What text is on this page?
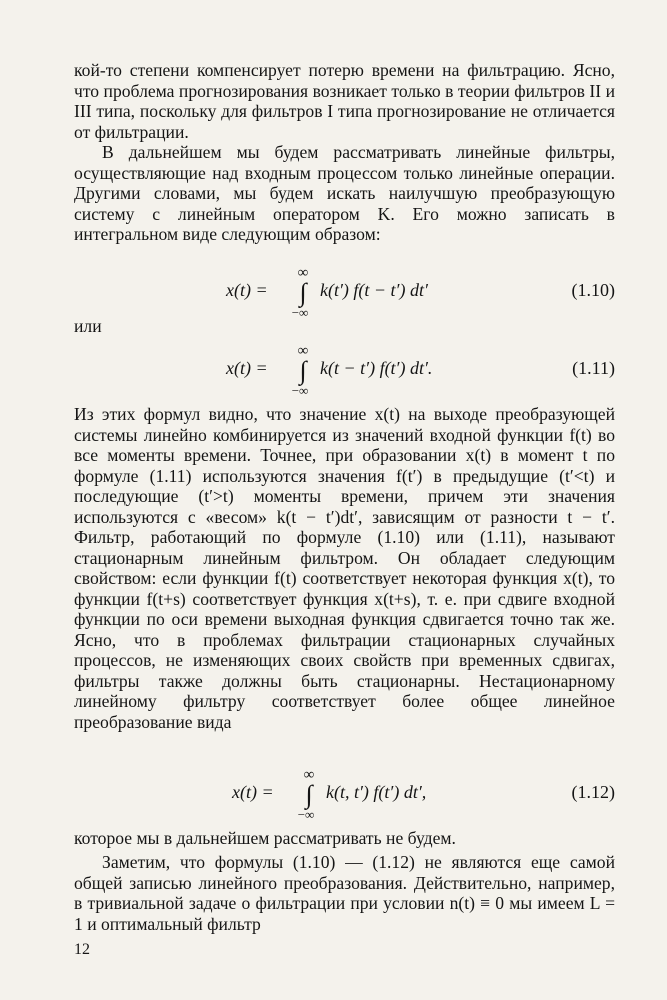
кой-то степени компенсирует потерю времени на фильтрацию. Ясно, что проблема прогнозирования возникает только в теории фильтров II и III типа, поскольку для фильтров I типа прогнозирование не отличается от фильтрации.

В дальнейшем мы будем рассматривать линейные фильтры, осуществляющие над входным процессом только линейные операции. Другими словами, мы будем искать наилучшую преобразующую систему с линейным оператором K. Его можно записать в интегральном виде следующим образом:

x(t) =
∞
∫
−∞
k(t′) f(t − t′) dt′	(1.10)
или
x(t) =
∞
∫
−∞
k(t − t′) f(t′) dt′.	(1.11)

Из этих формул видно, что значение x(t) на выходе преобразующей системы линейно комбинируется из значений входной функции f(t) во все моменты времени. Точнее, при образовании x(t) в момент t по формуле (1.11) используются значения f(t′) в предыдущие (t′<t) и последующие (t′>t) моменты времени, причем эти значения используются с «весом» k(t − t′)dt′, зависящим от разности t − t′. Фильтр, работающий по формуле (1.10) или (1.11), называют стационарным линейным фильтром. Он обладает следующим свойством: если функции f(t) соответствует некоторая функция x(t), то функции f(t+s) соответствует функция x(t+s), т. е. при сдвиге входной функции по оси времени выходная функция сдвигается точно так же. Ясно, что в проблемах фильтрации стационарных случайных процессов, не изменяющих своих свойств при временных сдвигах, фильтры также должны быть стационарны. Нестационарному линейному фильтру соответствует более общее линейное преобразование вида

x(t) =
∞
∫
−∞
k(t, t′) f(t′) dt′,	(1.12)

которое мы в дальнейшем рассматривать не будем.

Заметим, что формулы (1.10) — (1.12) не являются еще самой общей записью линейного преобразования. Действительно, например, в тривиальной задаче о фильтрации при условии n(t) ≡ 0 мы имеем L = 1 и оптимальный фильтр

12
